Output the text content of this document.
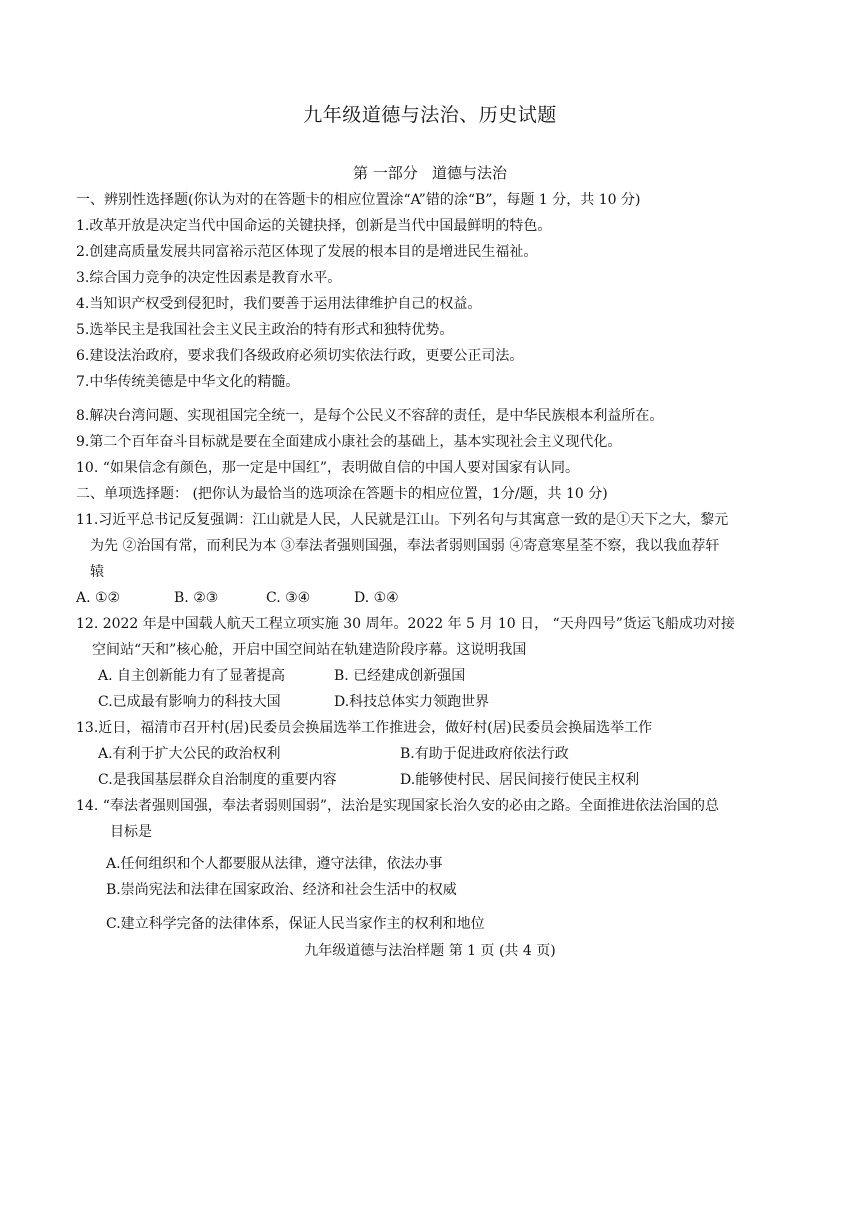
九年级道德与法治、历史试题
第 一部分   道德与法治
一、辨别性选择题(你认为对的在答题卡的相应位置涂“A”错的涂“B”，每题 1 分，共 10 分)
1.改革开放是决定当代中国命运的关键抉择，创新是当代中国最鲜明的特色。
2.创建高质量发展共同富裕示范区体现了发展的根本目的是增进民生福祉。
3.综合国力竞争的决定性因素是教育水平。
4.当知识产权受到侵犯时，我们要善于运用法律维护自己的权益。
5.选举民主是我国社会主义民主政治的特有形式和独特优势。
6.建设法治政府，要求我们各级政府必须切实依法行政，更要公正司法。
7.中华传统美德是中华文化的精髓。
8.解决台湾问题、实现祖国完全统一，是每个公民义不容辞的责任，是中华民族根本利益所在。
9.第二个百年奋斗目标就是要在全面建成小康社会的基础上，基本实现社会主义现代化。
10. “如果信念有颜色，那一定是中国红”，表明做自信的中国人要对国家有认同。
二、单项选择题： (把你认为最恰当的选项涂在答题卡的相应位置，1分/题，共 10 分)
11.习近平总书记反复强调：江山就是人民，人民就是江山。下列名句与其寓意一致的是①天下之大，黎元
为先 ②治国有常，而利民为本 ③奉法者强则国强，奉法者弱则国弱 ④寄意寒星荃不察，我以我血荐轩
辕
A. ①②	B. ②③	C. ③④	D. ①④
12. 2022 年是中国载人航天工程立项实施 30 周年。2022 年 5 月 10 日， “天舟四号”货运飞船成功对接
空间站“天和”核心舱，开启中国空间站在轨建造阶段序幕。这说明我国
A. 自主创新能力有了显著提高	B. 已经建成创新强国
C.已成最有影响力的科技大国	D.科技总体实力领跑世界
13.近日，福清市召开村(居)民委员会换届选举工作推进会，做好村(居)民委员会换届选举工作
A.有利于扩大公民的政治权利	B.有助于促进政府依法行政
C.是我国基层群众自治制度的重要内容	D.能够使村民、居民间接行使民主权利
14. “奉法者强则国强，奉法者弱则国弱”，法治是实现国家长治久安的必由之路。全面推进依法治国的总
目标是
A.任何组织和个人都要服从法律，遵守法律，依法办事
B.崇尚宪法和法律在国家政治、经济和社会生活中的权威
C.建立科学完备的法律体系，保证人民当家作主的权利和地位
九年级道德与法治样题 第 1 页 (共 4 页)
